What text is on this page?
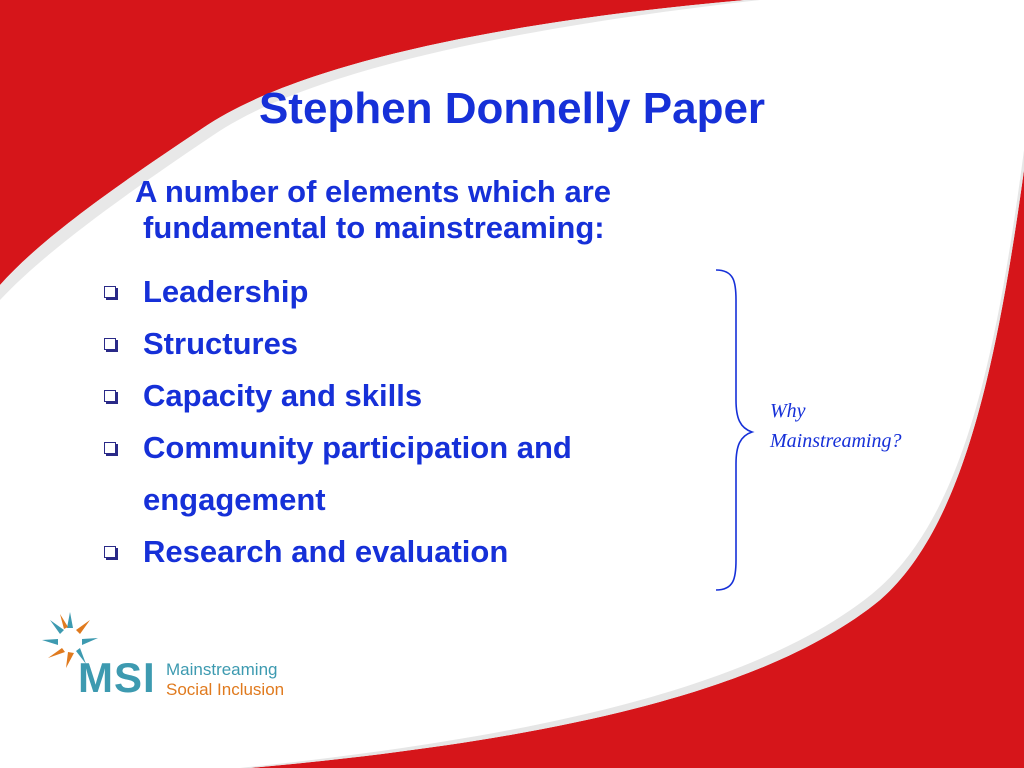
Stephen Donnelly Paper
A number of elements which are fundamental to mainstreaming:
Leadership
Structures
Capacity and skills
Community participation and engagement
Research and evaluation
Why
Mainstreaming?
MSI Mainstreaming
Social Inclusion
